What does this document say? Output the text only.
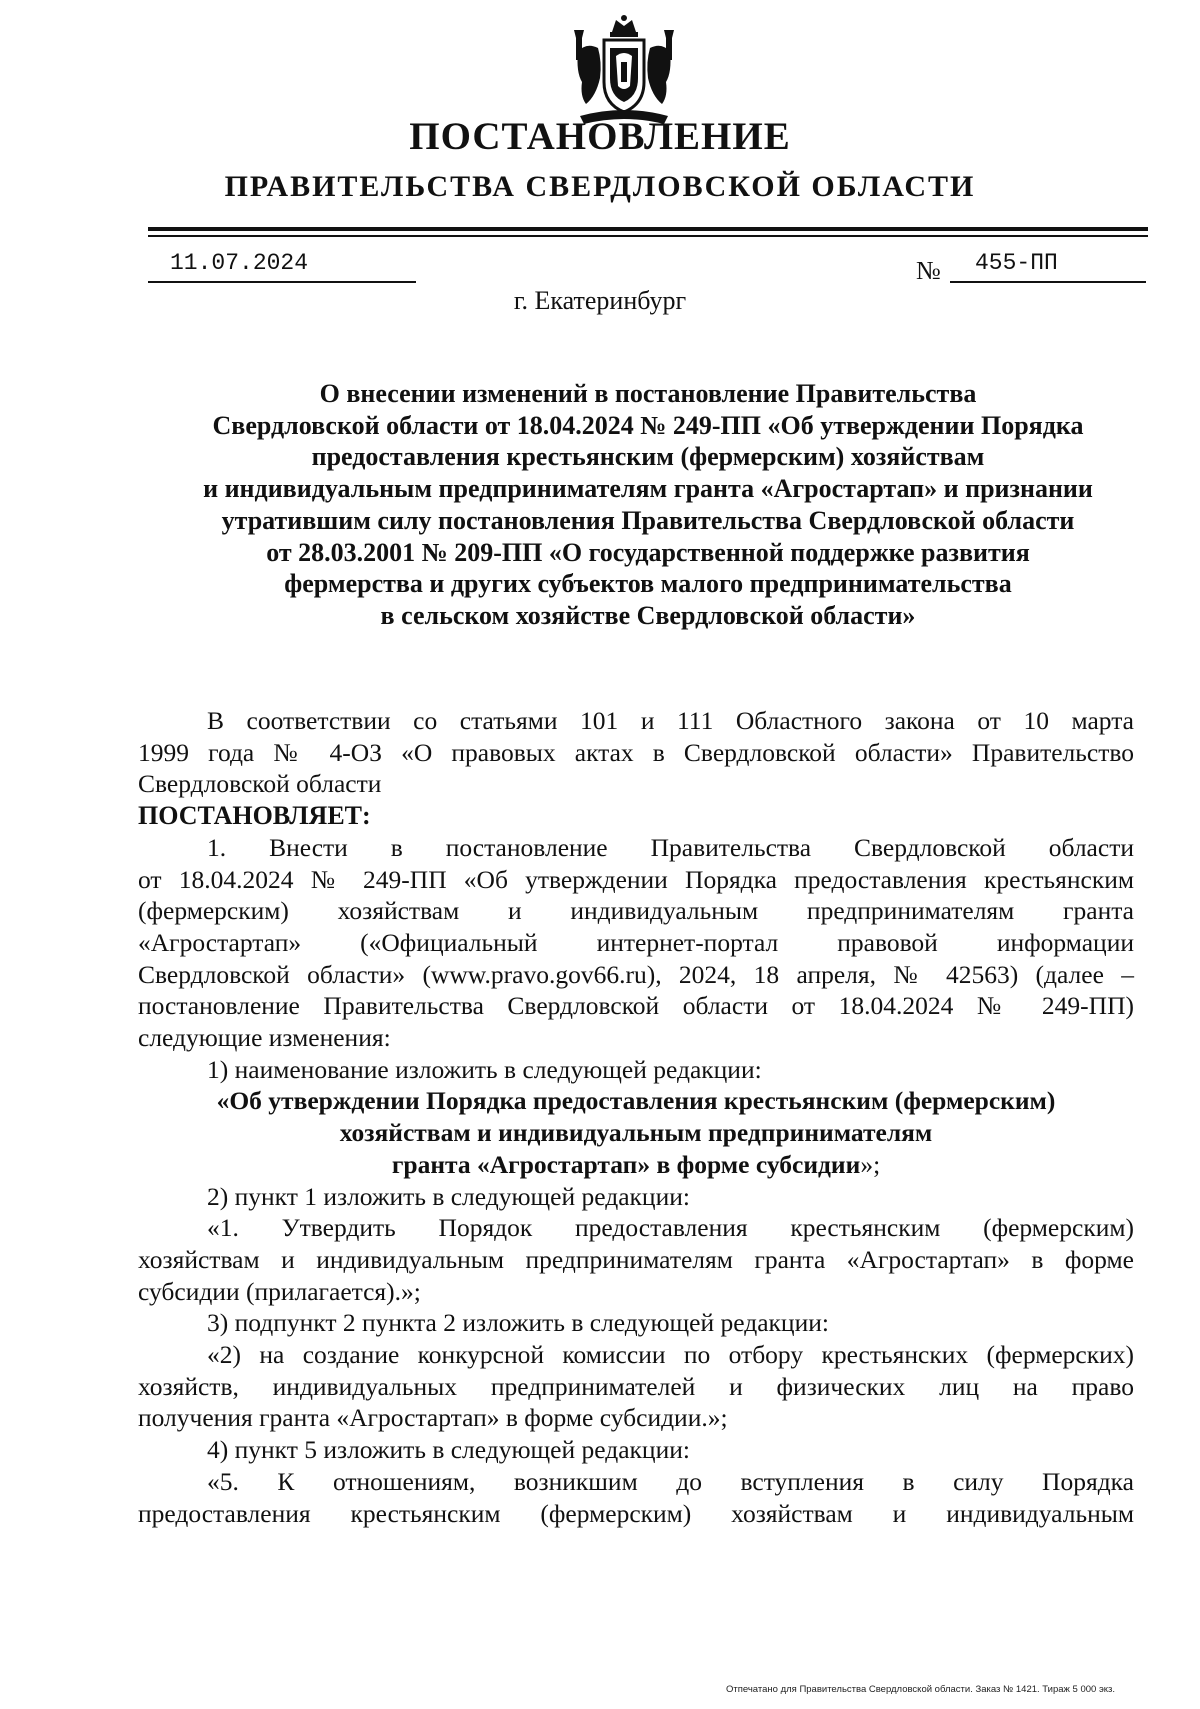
ПОСТАНОВЛЕНИЕ
ПРАВИТЕЛЬСТВА СВЕРДЛОВСКОЙ ОБЛАСТИ
11.07.2024	№ 455-ПП
г. Екатеринбург
О внесении изменений в постановление Правительства
Свердловской области от 18.04.2024 № 249-ПП «Об утверждении Порядка
предоставления крестьянским (фермерским) хозяйствам
и индивидуальным предпринимателям гранта «Агростартап» и признании
утратившим силу постановления Правительства Свердловской области
от 28.03.2001 № 209-ПП «О государственной поддержке развития
фермерства и других субъектов малого предпринимательства
в сельском хозяйстве Свердловской области»
В соответствии со статьями 101 и 111 Областного закона от 10 марта
1999 года № 4-ОЗ «О правовых актах в Свердловской области» Правительство
Свердловской области
ПОСТАНОВЛЯЕТ:
1. Внести в постановление Правительства Свердловской области
от 18.04.2024 № 249-ПП «Об утверждении Порядка предоставления крестьянским
(фермерским) хозяйствам и индивидуальным предпринимателям гранта
«Агростартап» («Официальный интернет-портал правовой информации
Свердловской области» (www.pravo.gov66.ru), 2024, 18 апреля, № 42563) (далее –
постановление Правительства Свердловской области от 18.04.2024 № 249-ПП)
следующие изменения:
1) наименование изложить в следующей редакции:
«Об утверждении Порядка предоставления крестьянским (фермерским)
хозяйствам и индивидуальным предпринимателям
гранта «Агростартап» в форме субсидии»;
2) пункт 1 изложить в следующей редакции:
«1. Утвердить Порядок предоставления крестьянским (фермерским)
хозяйствам и индивидуальным предпринимателям гранта «Агростартап» в форме
субсидии (прилагается).»;
3) подпункт 2 пункта 2 изложить в следующей редакции:
«2) на создание конкурсной комиссии по отбору крестьянских (фермерских)
хозяйств, индивидуальных предпринимателей и физических лиц на право
получения гранта «Агростартап» в форме субсидии.»;
4) пункт 5 изложить в следующей редакции:
«5. К отношениям, возникшим до вступления в силу Порядка
предоставления крестьянским (фермерским) хозяйствам и индивидуальным
Отпечатано для Правительства Свердловской области. Заказ № 1421. Тираж 5 000 экз.
